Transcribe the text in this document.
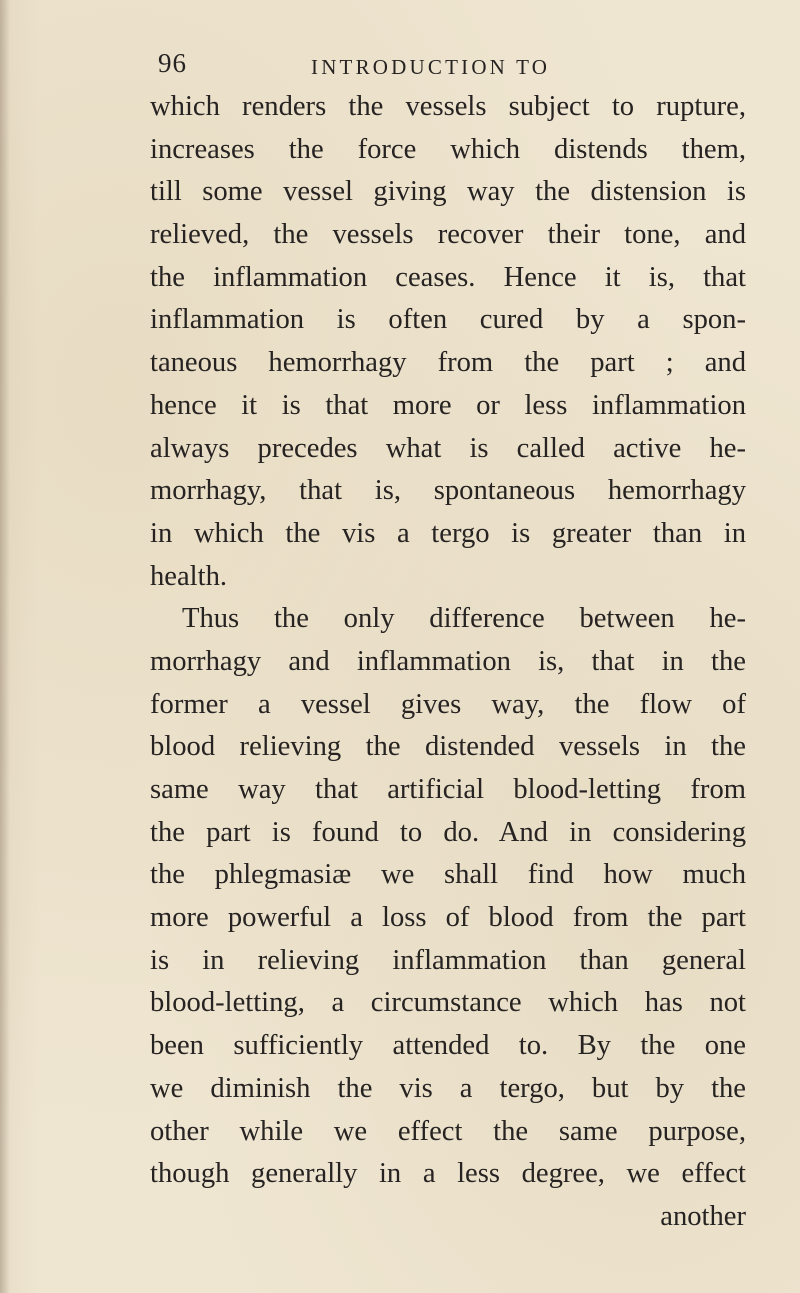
96	INTRODUCTION TO
which renders the vessels subject to rupture,
increases the force which distends them,
till some vessel giving way the distension is
relieved, the vessels recover their tone, and
the inflammation ceases. Hence it is, that
inflammation is often cured by a spon-
taneous hemorrhagy from the part ; and
hence it is that more or less inflammation
always precedes what is called active he-
morrhagy, that is, spontaneous hemorrhagy
in which the vis a tergo is greater than in
health.
Thus the only difference between he-
morrhagy and inflammation is, that in the
former a vessel gives way, the flow of
blood relieving the distended vessels in the
same way that artificial blood-letting from
the part is found to do. And in considering
the phlegmasiæ we shall find how much
more powerful a loss of blood from the part
is in relieving inflammation than general
blood-letting, a circumstance which has not
been sufficiently attended to. By the one
we diminish the vis a tergo, but by the
other while we effect the same purpose,
though generally in a less degree, we effect
another
